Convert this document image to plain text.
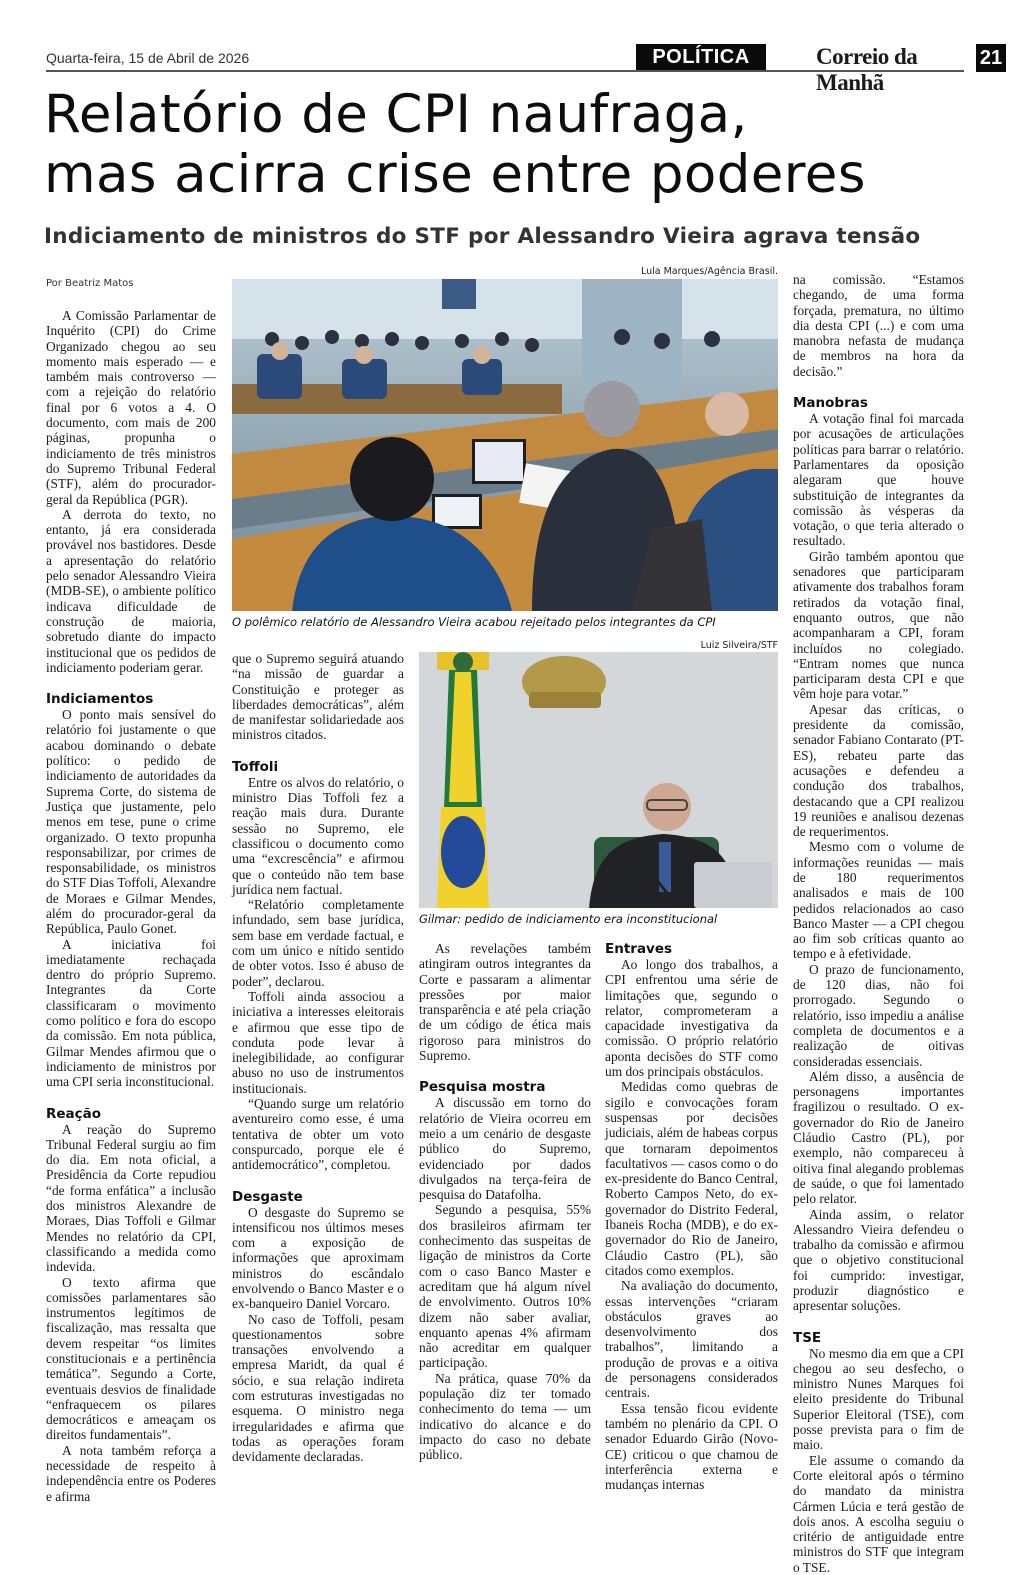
Quarta-feira, 15 de Abril de 2026	POLÍTICA	Correio da Manhã
21
Relatório de CPI naufraga,
mas acirra crise entre poderes
Indiciamento de ministros do STF por Alessandro Vieira agrava tensão
Por Beatriz Matos

A Comissão Parlamentar de Inquérito (CPI) do Crime Organizado chegou ao seu momento mais esperado — e também mais controverso — com a rejeição do relatório final por 6 votos a 4. O documento, com mais de 200 páginas, propunha o indiciamento de três ministros do Supremo Tribunal Federal (STF), além do procurador-geral da República (PGR).

A derrota do texto, no entanto, já era considerada provável nos bastidores. Desde a apresentação do relatório pelo senador Alessandro Vieira (MDB-SE), o ambiente político indicava dificuldade de construção de maioria, sobretudo diante do impacto institucional que os pedidos de indiciamento poderiam gerar.

Indiciamentos

O ponto mais sensível do relatório foi justamente o que acabou dominando o debate político: o pedido de indiciamento de autoridades da Suprema Corte, do sistema de Justiça que justamente, pelo menos em tese, pune o crime organizado. O texto propunha responsabilizar, por crimes de responsabilidade, os ministros do STF Dias Toffoli, Alexandre de Moraes e Gilmar Mendes, além do procurador-geral da República, Paulo Gonet.

A iniciativa foi imediatamente rechaçada dentro do próprio Supremo. Integrantes da Corte classificaram o movimento como político e fora do escopo da comissão. Em nota pública, Gilmar Mendes afirmou que o indiciamento de ministros por uma CPI seria inconstitucional.

Reação

A reação do Supremo Tribunal Federal surgiu ao fim do dia. Em nota oficial, a Presidência da Corte repudiou “de forma enfática” a inclusão dos ministros Alexandre de Moraes, Dias Toffoli e Gilmar Mendes no relatório da CPI, classificando a medida como indevida.

O texto afirma que comissões parlamentares são instrumentos legítimos de fiscalização, mas ressalta que devem respeitar “os limites constitucionais e a pertinência temática”. Segundo a Corte, eventuais desvios de finalidade “enfraquecem os pilares democráticos e ameaçam os direitos fundamentais”.

A nota também reforça a necessidade de respeito à independência entre os Poderes e afirma

Lula Marques/Agência Brasil.
O polêmico relatório de Alessandro Vieira acabou rejeitado pelos integrantes da CPI

que o Supremo seguirá atuando “na missão de guardar a Constituição e proteger as liberdades democráticas”, além de manifestar solidariedade aos ministros citados.

Toffoli

Entre os alvos do relatório, o ministro Dias Toffoli fez a reação mais dura. Durante sessão no Supremo, ele classificou o documento como uma “excrescência” e afirmou que o conteúdo não tem base jurídica nem factual.

“Relatório completamente infundado, sem base jurídica, sem base em verdade factual, e com um único e nítido sentido de obter votos. Isso é abuso de poder”, declarou.

Toffoli ainda associou a iniciativa a interesses eleitorais e afirmou que esse tipo de conduta pode levar à inelegibilidade, ao configurar abuso no uso de instrumentos institucionais.

“Quando surge um relatório aventureiro como esse, é uma tentativa de obter um voto conspurcado, porque ele é antidemocrático”, completou.

Desgaste

O desgaste do Supremo se intensificou nos últimos meses com a exposição de informações que aproximam ministros do escândalo envolvendo o Banco Master e o ex-banqueiro Daniel Vorcaro.

No caso de Toffoli, pesam questionamentos sobre transações envolvendo a empresa Maridt, da qual é sócio, e sua relação indireta com estruturas investigadas no esquema. O ministro nega irregularidades e afirma que todas as operações foram devidamente declaradas.

Luiz Silveira/STF
Gilmar: pedido de indiciamento era inconstitucional

As revelações também atingiram outros integrantes da Corte e passaram a alimentar pressões por maior transparência e até pela criação de um código de ética mais rigoroso para ministros do Supremo.

Pesquisa mostra

A discussão em torno do relatório de Vieira ocorreu em meio a um cenário de desgaste público do Supremo, evidenciado por dados divulgados na terça-feira de pesquisa do Datafolha.

Segundo a pesquisa, 55% dos brasileiros afirmam ter conhecimento das suspeitas de ligação de ministros da Corte com o caso Banco Master e acreditam que há algum nível de envolvimento. Outros 10% dizem não saber avaliar, enquanto apenas 4% afirmam não acreditar em qualquer participação.

Na prática, quase 70% da população diz ter tomado conhecimento do tema — um indicativo do alcance e do impacto do caso no debate público.

Entraves

Ao longo dos trabalhos, a CPI enfrentou uma série de limitações que, segundo o relator, comprometeram a capacidade investigativa da comissão. O próprio relatório aponta decisões do STF como um dos principais obstáculos.

Medidas como quebras de sigilo e convocações foram suspensas por decisões judiciais, além de habeas corpus que tornaram depoimentos facultativos — casos como o do ex-presidente do Banco Central, Roberto Campos Neto, do ex-governador do Distrito Federal, Ibaneis Rocha (MDB), e do ex-governador do Rio de Janeiro, Cláudio Castro (PL), são citados como exemplos.

Na avaliação do documento, essas intervenções “criaram obstáculos graves ao desenvolvimento dos trabalhos”, limitando a produção de provas e a oitiva de personagens considerados centrais.

Essa tensão ficou evidente também no plenário da CPI. O senador Eduardo Girão (Novo-CE) criticou o que chamou de interferência externa e mudanças internas

na comissão. “Estamos chegando, de uma forma forçada, prematura, no último dia desta CPI (...) e com uma manobra nefasta de mudança de membros na hora da decisão.”

Manobras

A votação final foi marcada por acusações de articulações políticas para barrar o relatório. Parlamentares da oposição alegaram que houve substituição de integrantes da comissão às vésperas da votação, o que teria alterado o resultado.

Girão também apontou que senadores que participaram ativamente dos trabalhos foram retirados da votação final, enquanto outros, que não acompanharam a CPI, foram incluídos no colegiado. “Entram nomes que nunca participaram desta CPI e que vêm hoje para votar.”

Apesar das críticas, o presidente da comissão, senador Fabiano Contarato (PT-ES), rebateu parte das acusações e defendeu a condução dos trabalhos, destacando que a CPI realizou 19 reuniões e analisou dezenas de requerimentos.

Mesmo com o volume de informações reunidas — mais de 180 requerimentos analisados e mais de 100 pedidos relacionados ao caso Banco Master — a CPI chegou ao fim sob críticas quanto ao tempo e à efetividade.

O prazo de funcionamento, de 120 dias, não foi prorrogado. Segundo o relatório, isso impediu a análise completa de documentos e a realização de oitivas consideradas essenciais.

Além disso, a ausência de personagens importantes fragilizou o resultado. O ex-governador do Rio de Janeiro Cláudio Castro (PL), por exemplo, não compareceu à oitiva final alegando problemas de saúde, o que foi lamentado pelo relator.

Ainda assim, o relator Alessandro Vieira defendeu o trabalho da comissão e afirmou que o objetivo constitucional foi cumprido: investigar, produzir diagnóstico e apresentar soluções.

TSE

No mesmo dia em que a CPI chegou ao seu desfecho, o ministro Nunes Marques foi eleito presidente do Tribunal Superior Eleitoral (TSE), com posse prevista para o fim de maio.

Ele assume o comando da Corte eleitoral após o término do mandato da ministra Cármen Lúcia e terá gestão de dois anos. A escolha seguiu o critério de antiguidade entre ministros do STF que integram o TSE.
